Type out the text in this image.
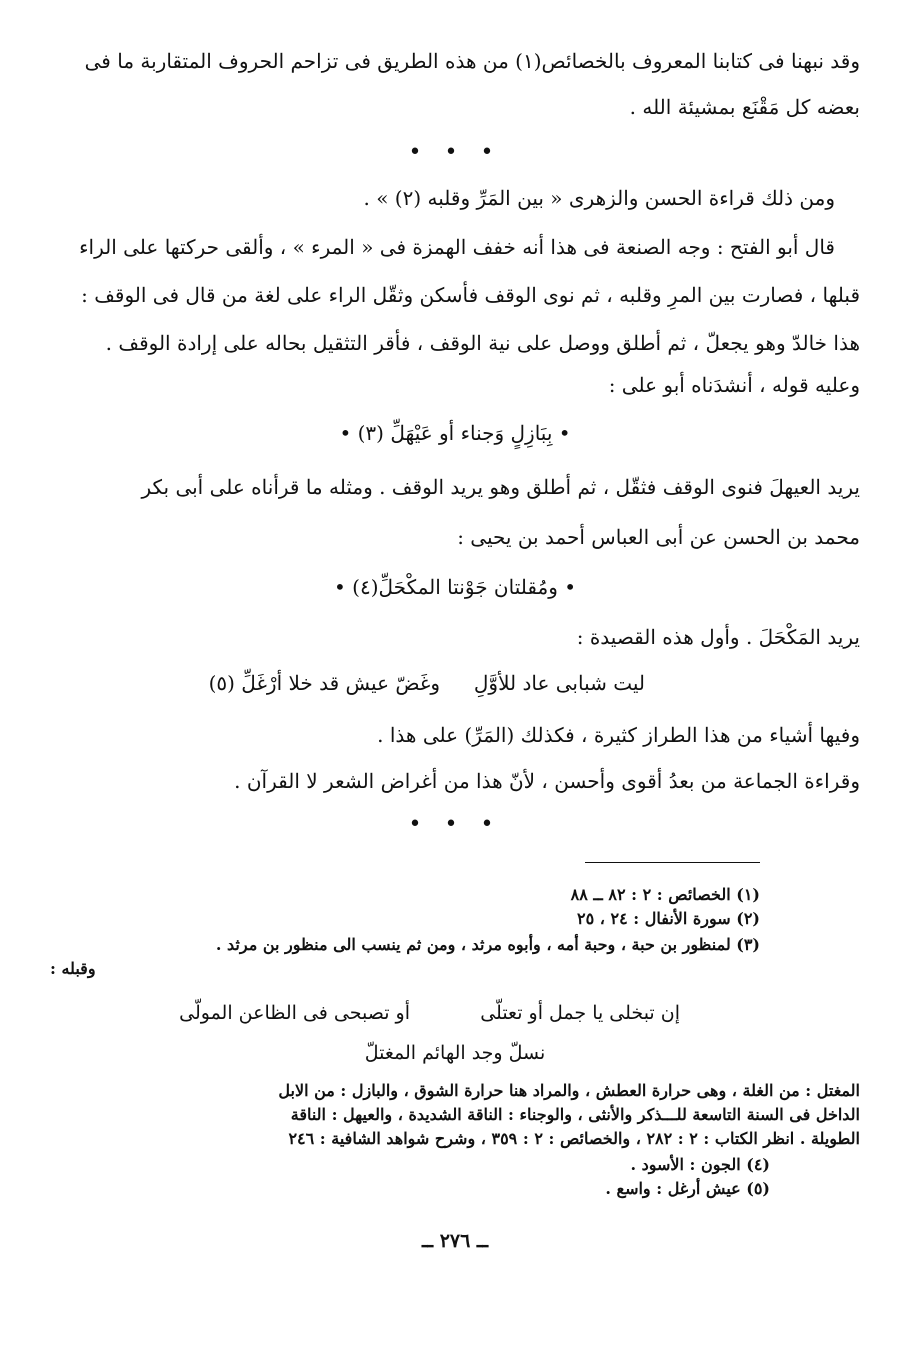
وقد نبهنا فى كتابنا المعروف بالخصائص(١) من هذه الطريق فى تزاحم الحروف المتقاربة ما فى

بعضه كل مَقْنَع بمشيئة الله .

• • •

ومن ذلك قراءة الحسن والزهرى « بين المَرِّ وقلبه (٢) » .

قال أبو الفتح : وجه الصنعة فى هذا أنه خفف الهمزة فى « المرء » ، وألقى حركتها على الراء

قبلها ، فصارت بين المرِ وقلبه ، ثم نوى الوقف فأسكن وثقّل الراء على لغة من قال فى الوقف :

هذا خالدّ وهو يجعلّ ، ثم أطلق ووصل على نية الوقف ، فأقر التثقيل بحاله على إرادة الوقف .

وعليه قوله ، أنشدَناه أبو على :

• بِبَازِلٍ وَجناء أو عَيْهَلِّ (٣) •

يريد العيهلَ فنوى الوقف فثقّل ، ثم أطلق وهو يريد الوقف . ومثله ما قرأناه على أبى بكر

محمد بن الحسن عن أبى العباس أحمد بن يحيى :

• ومُقلتان جَوْنتا المكْحَلِّ(٤) •

يريد المَكْحَلَ . وأول هذه القصيدة :

ليت شبابى عاد للأوَّلِ

وغَضّ عيش قد خلا أرْغَلِّ (٥)

وفيها أشياء من هذا الطراز كثيرة ، فكذلك (المَرِّ) على هذا .

وقراءة الجماعة من بعدُ أقوى وأحسن ، لأنّ هذا من أغراض الشعر لا القرآن .

• • •

(١) الخصائص : ٢ : ٨٢ ــ ٨٨

(٢) سورة الأنفال : ٢٤ ، ٢٥

(٣) لمنظور بن حبة ، وحبة أمه ، وأبوه مرثد ، ومن ثم ينسب الى منظور بن مرثد .

وقبله :

إن تبخلى يا جمل أو تعتلّى

أو تصبحى فى الظاعن المولّى

نسلّ وجد الهائم المغتلّ

المغتل : من الغلة ، وهى حرارة العطش ، والمراد هنا حرارة الشوق ، والبازل : من الابل

الداخل فى السنة التاسعة للـــذكر والأنثى ، والوجناء : الناقة الشديدة ، والعيهل : الناقة

الطويلة . انظر الكتاب : ٢ : ٢٨٢ ، والخصائص : ٢ : ٣٥٩ ، وشرح شواهد الشافية : ٢٤٦

(٤) الجون : الأسود .

(٥) عيش أرغل : واسع .

ــ ٢٧٦ ــ
